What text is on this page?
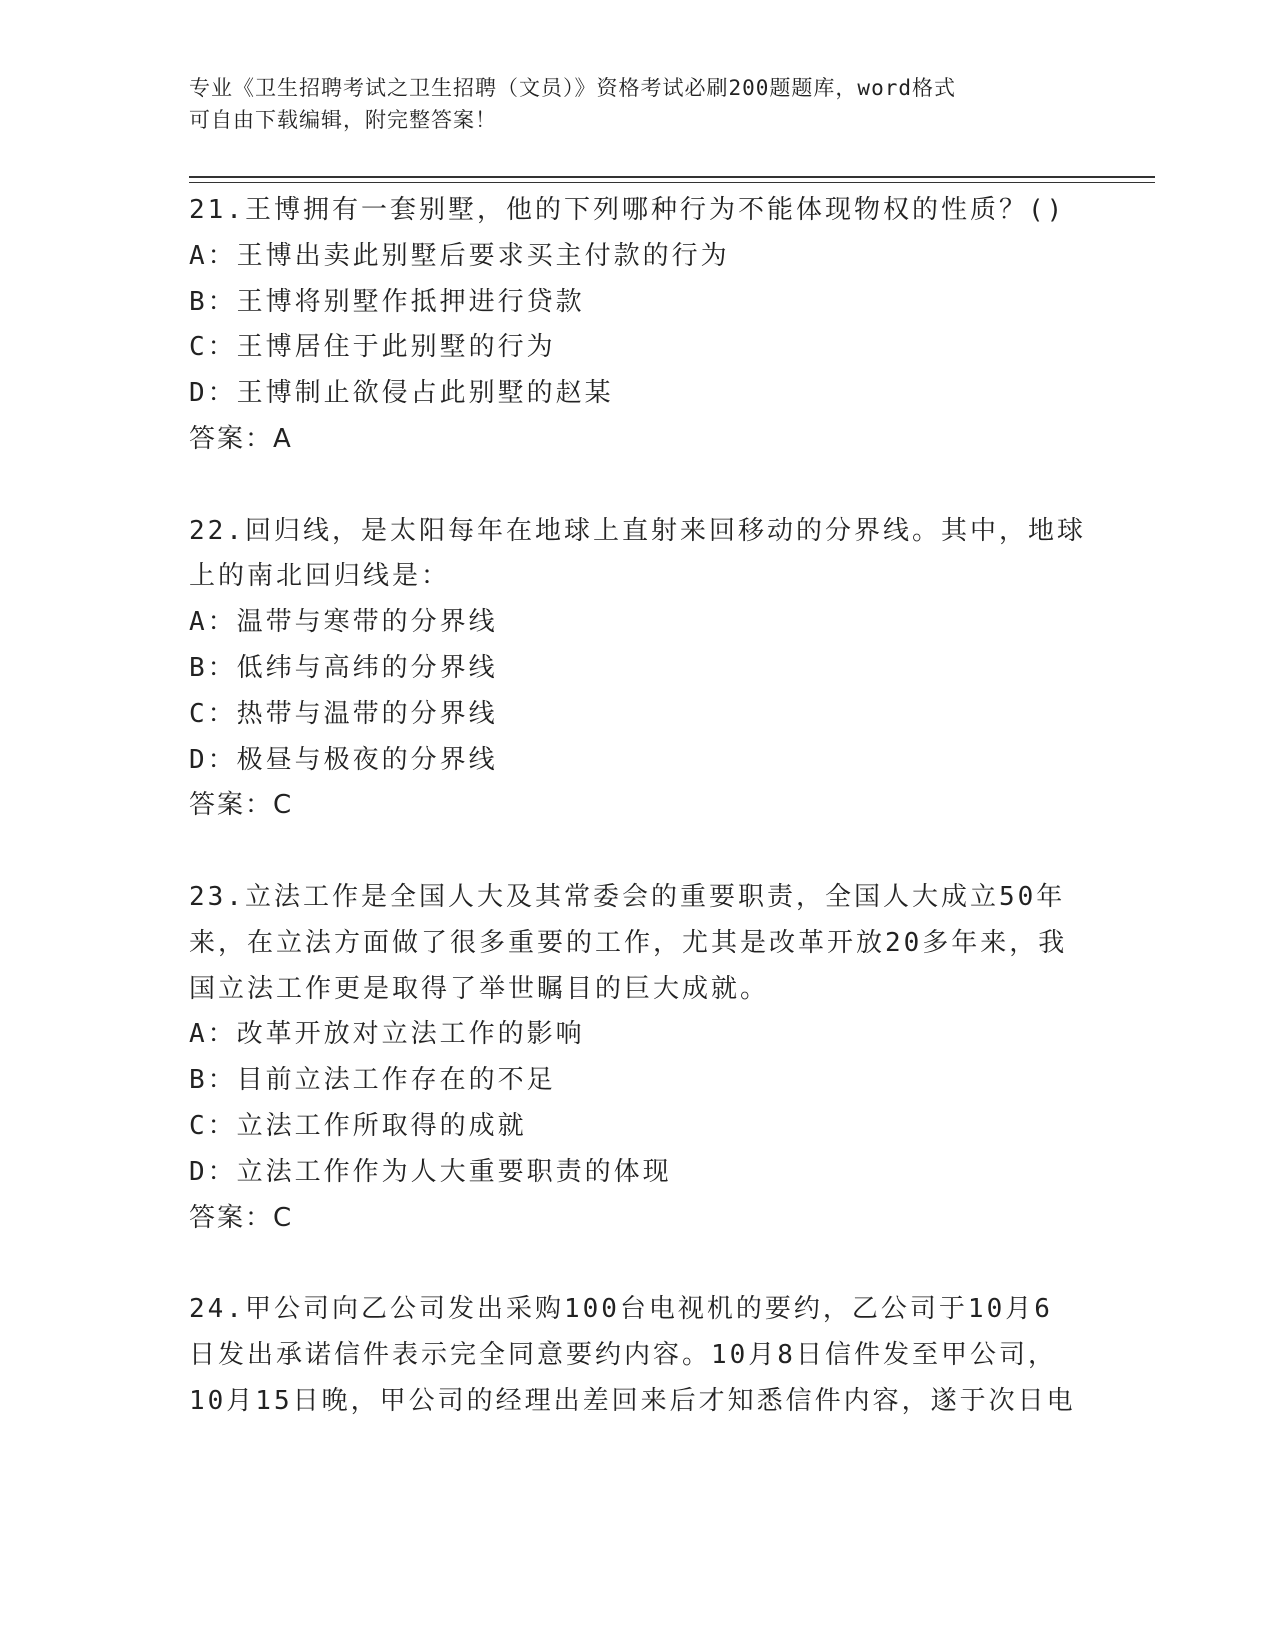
专业《卫生招聘考试之卫生招聘（文员）》资格考试必刷200题题库，word格式
可自由下载编辑，附完整答案！
21.王博拥有一套别墅，他的下列哪种行为不能体现物权的性质？()
A：王博出卖此别墅后要求买主付款的行为
B：王博将别墅作抵押进行贷款
C：王博居住于此别墅的行为
D：王博制止欲侵占此别墅的赵某
答案：A
22.回归线，是太阳每年在地球上直射来回移动的分界线。其中，地球
上的南北回归线是：
A：温带与寒带的分界线
B：低纬与高纬的分界线
C：热带与温带的分界线
D：极昼与极夜的分界线
答案：C
23.立法工作是全国人大及其常委会的重要职责，全国人大成立50年
来，在立法方面做了很多重要的工作，尤其是改革开放20多年来，我
国立法工作更是取得了举世瞩目的巨大成就。
A：改革开放对立法工作的影响
B：目前立法工作存在的不足
C：立法工作所取得的成就
D：立法工作作为人大重要职责的体现
答案：C
24.甲公司向乙公司发出采购100台电视机的要约，乙公司于10月6
日发出承诺信件表示完全同意要约内容。10月8日信件发至甲公司，
10月15日晚，甲公司的经理出差回来后才知悉信件内容，遂于次日电
